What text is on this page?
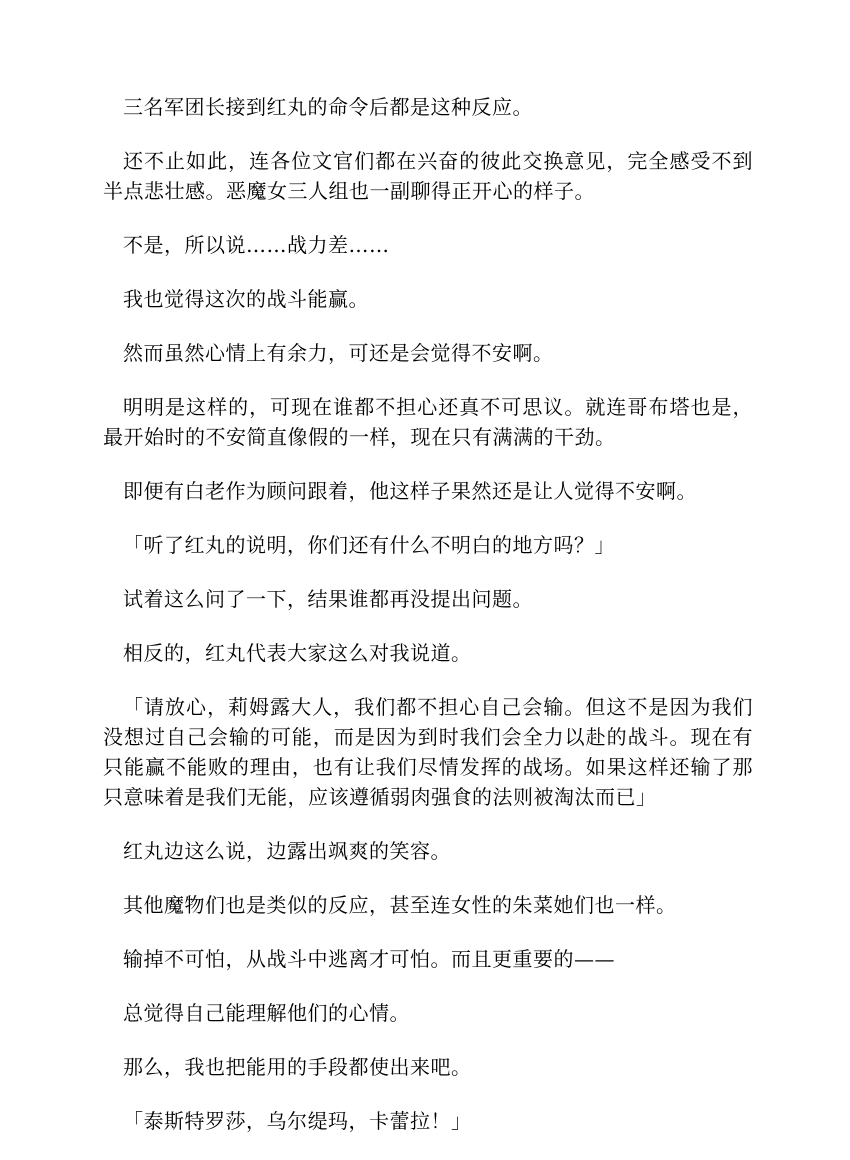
三名军团长接到红丸的命令后都是这种反应。

还不止如此，连各位文官们都在兴奋的彼此交换意见，完全感受不到半点悲壮感。恶魔女三人组也一副聊得正开心的样子。

不是，所以说……战力差……

我也觉得这次的战斗能赢。

然而虽然心情上有余力，可还是会觉得不安啊。

明明是这样的，可现在谁都不担心还真不可思议。就连哥布塔也是，最开始时的不安简直像假的一样，现在只有满满的干劲。

即便有白老作为顾问跟着，他这样子果然还是让人觉得不安啊。

「听了红丸的说明，你们还有什么不明白的地方吗？」

试着这么问了一下，结果谁都再没提出问题。

相反的，红丸代表大家这么对我说道。

「请放心，莉姆露大人，我们都不担心自己会输。但这不是因为我们没想过自己会输的可能，而是因为到时我们会全力以赴的战斗。现在有只能赢不能败的理由，也有让我们尽情发挥的战场。如果这样还输了那只意味着是我们无能，应该遵循弱肉强食的法则被淘汰而已」

红丸边这么说，边露出飒爽的笑容。

其他魔物们也是类似的反应，甚至连女性的朱菜她们也一样。

输掉不可怕，从战斗中逃离才可怕。而且更重要的——

总觉得自己能理解他们的心情。

那么，我也把能用的手段都使出来吧。

「泰斯特罗莎，乌尔缇玛，卡蕾拉！」
